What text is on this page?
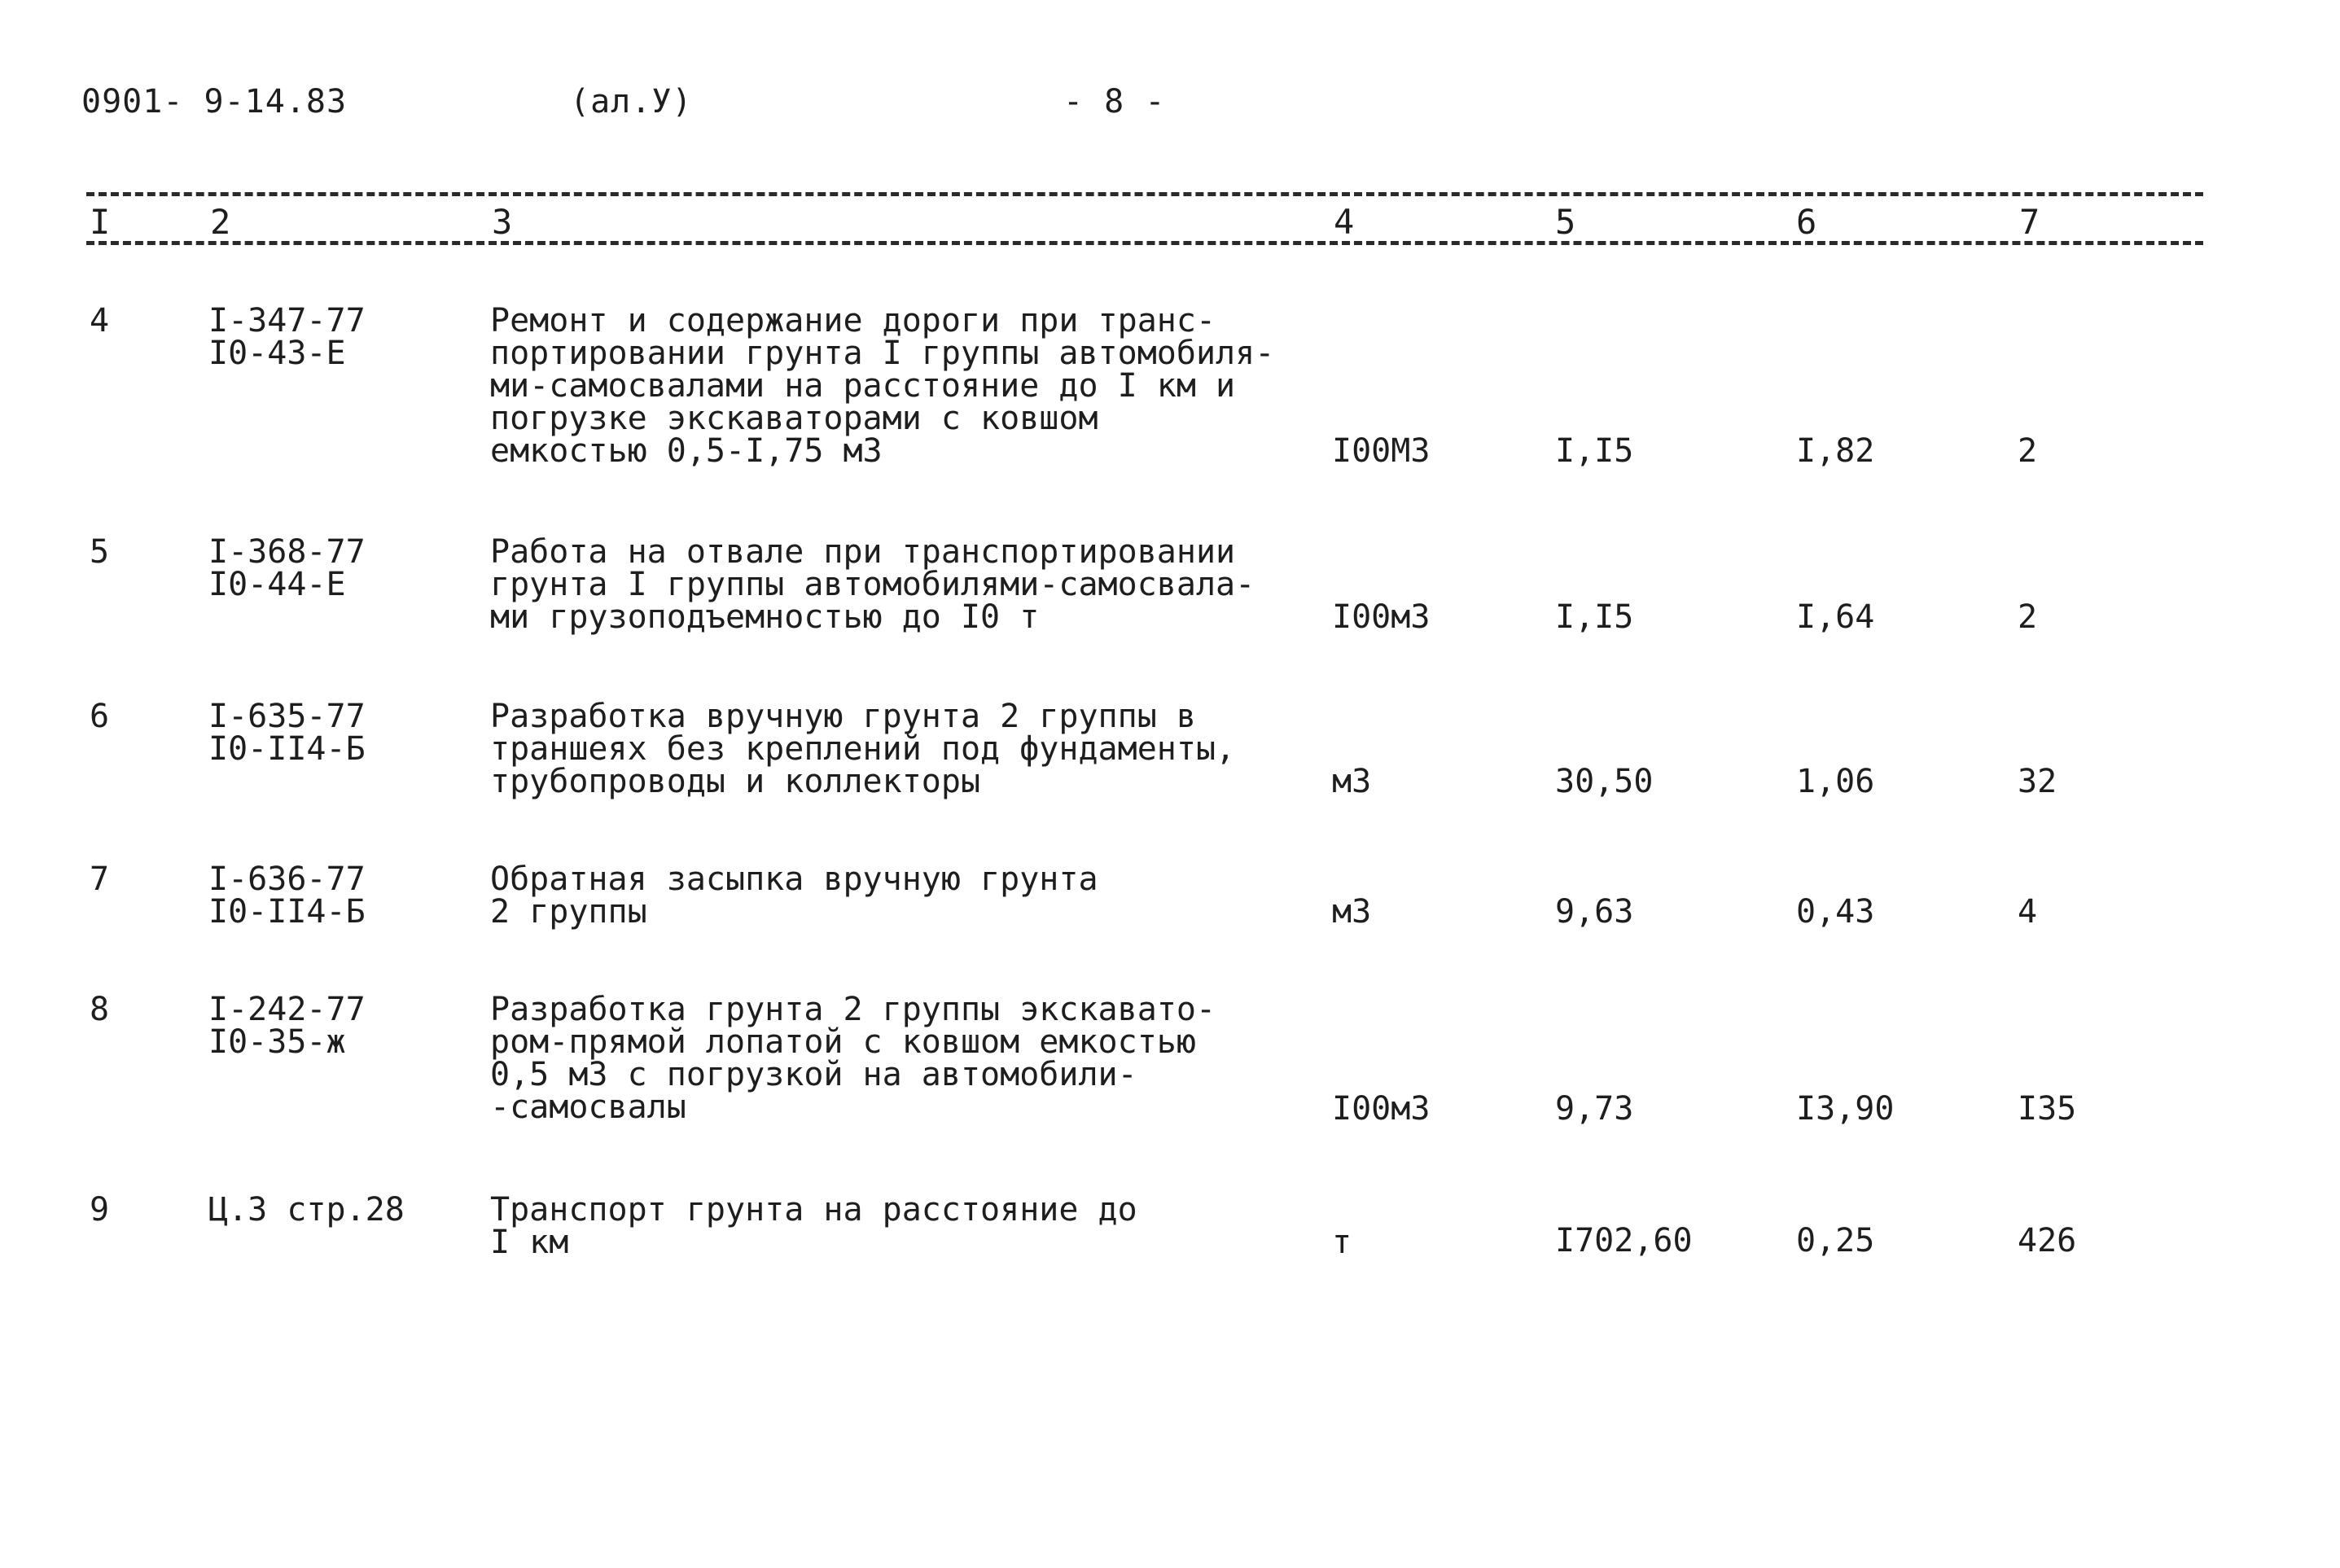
0901- 9-14.83	(ал.У)	- 8 -
I	2	3	4	5	6	7
4	I-347-77
I0-43-Е
Ремонт и содержание дороги при транс-
портировании грунта I группы автомобиля-
ми-самосвалами на расстояние до I км и
погрузке экскаваторами с ковшом
емкостью 0,5-I,75 м3	I00М3	I,I5	I,82	2
5	I-368-77
I0-44-Е
Работа на отвале при транспортировании
грунта I группы автомобилями-самосвала-
ми грузоподъемностью до I0 т	I00м3	I,I5	I,64	2
6	I-635-77
I0-II4-Б
Разработка вручную грунта 2 группы в
траншеях без креплений под фундаменты,
трубопроводы и коллекторы	м3	30,50	1,06	32
7	I-636-77
I0-II4-Б
Обратная засыпка вручную грунта
2 группы	м3	9,63	0,43	4
8	I-242-77
I0-35-ж
Разработка грунта 2 группы экскавато-
ром-прямой лопатой с ковшом емкостью
0,5 м3 с погрузкой на автомобили-
-самосвалы	I00м3	9,73	I3,90	I35
9	Ц.3 стр.28	Транспорт грунта на расстояние до
I км	т	I702,60	0,25	426
